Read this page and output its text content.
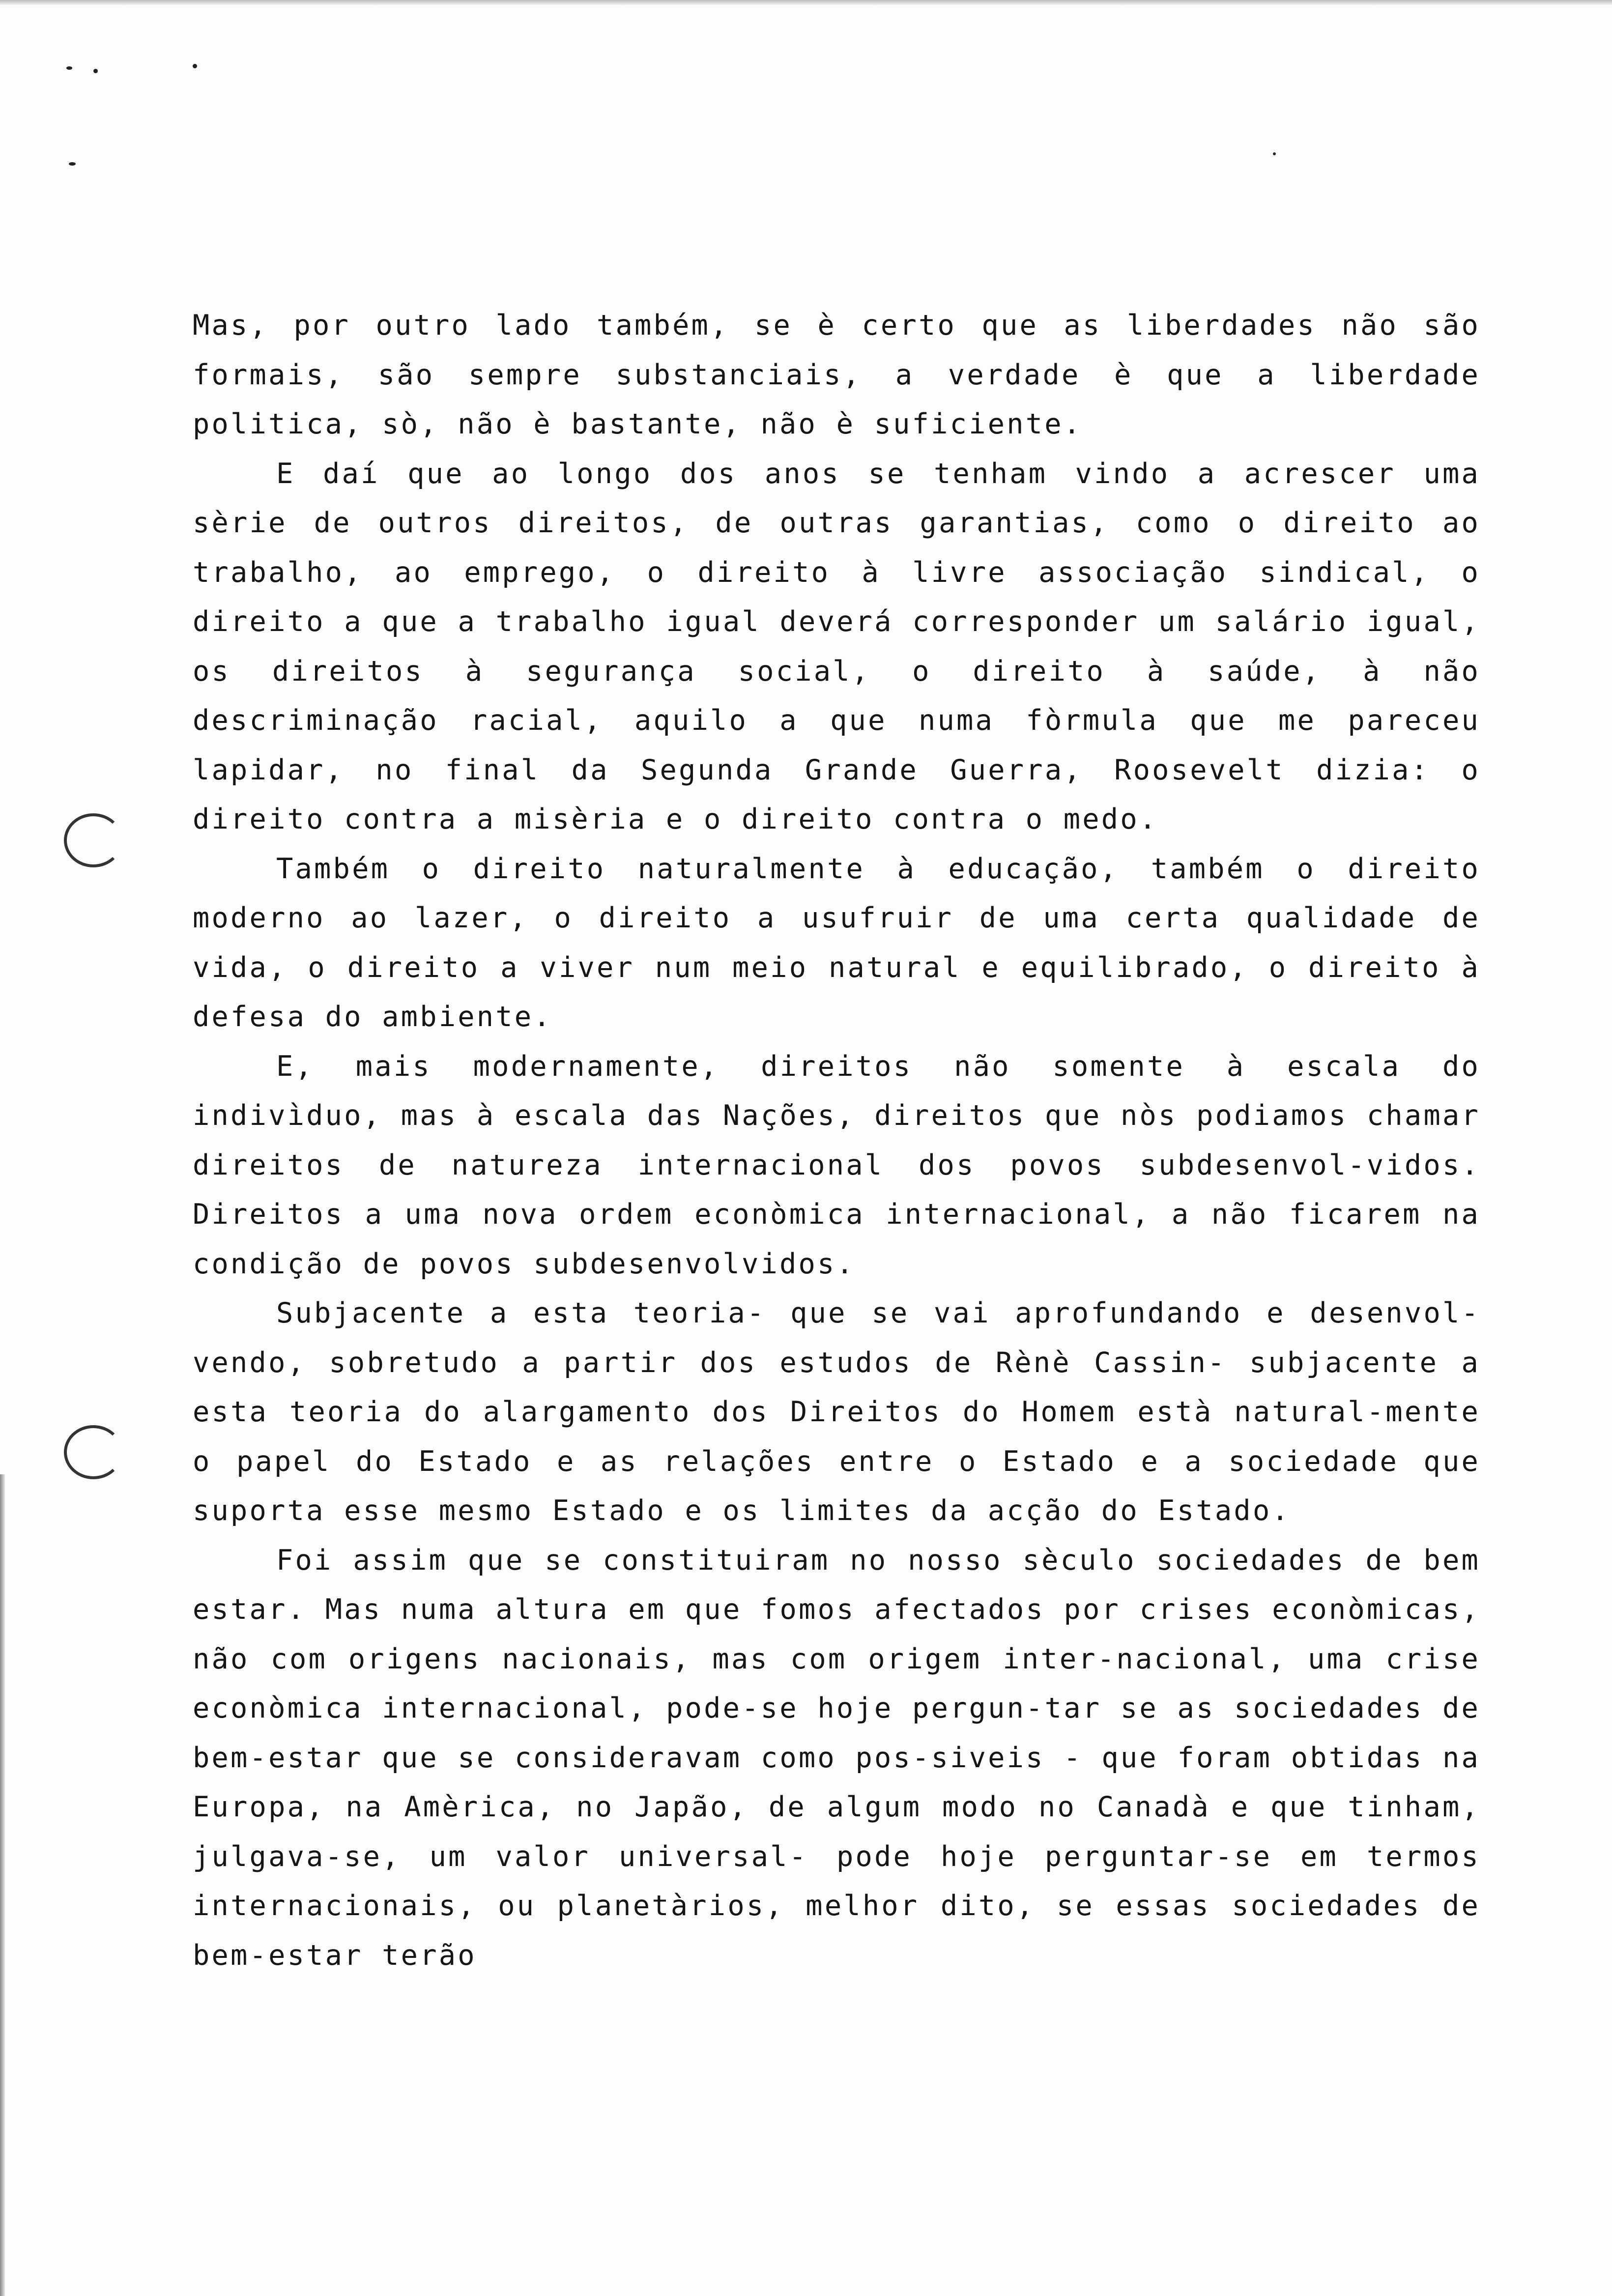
Mas, por outro lado também, se è certo que as liberdades não são formais, são sempre substanciais, a verdade è que a liberdade politica, sò, não è bastante, não è suficiente.

E daí que ao longo dos anos se tenham vindo a acrescer uma sèrie de outros direitos, de outras garantias, como o direito ao trabalho, ao emprego, o direito à livre associação sindical, o direito a que a trabalho igual deverá corresponder um salário igual, os direitos à segurança social, o direito à saúde, à não descriminação racial, aquilo a que numa fòrmula que me pareceu lapidar, no final da Segunda Grande Guerra, Roosevelt dizia: o direito contra a misèria e o direito contra o medo.

Também o direito naturalmente à educação, também o direito moderno ao lazer, o direito a usufruir de uma certa qualidade de vida, o direito a viver num meio natural e equilibrado, o direito à defesa do ambiente.

E, mais modernamente, direitos não somente à escala do indivìduo, mas à escala das Nações, direitos que nòs podiamos chamar direitos de natureza internacional dos povos subdesenvol-vidos. Direitos a uma nova ordem econòmica internacional, a não ficarem na condição de povos subdesenvolvidos.

Subjacente a esta teoria- que se vai aprofundando e desenvol-vendo, sobretudo a partir dos estudos de Rènè Cassin- subjacente a esta teoria do alargamento dos Direitos do Homem està natural-mente o papel do Estado e as relações entre o Estado e a sociedade que suporta esse mesmo Estado e os limites da acção do Estado.

Foi assim que se constituiram no nosso sèculo sociedades de bem estar. Mas numa altura em que fomos afectados por crises econòmicas, não com origens nacionais, mas com origem inter-nacional, uma crise econòmica internacional, pode-se hoje pergun-tar se as sociedades de bem-estar que se consideravam como pos-siveis - que foram obtidas na Europa, na Amèrica, no Japão, de algum modo no Canadà e que tinham, julgava-se, um valor universal- pode hoje perguntar-se em termos internacionais, ou planetàrios, melhor dito, se essas sociedades de bem-estar terão
